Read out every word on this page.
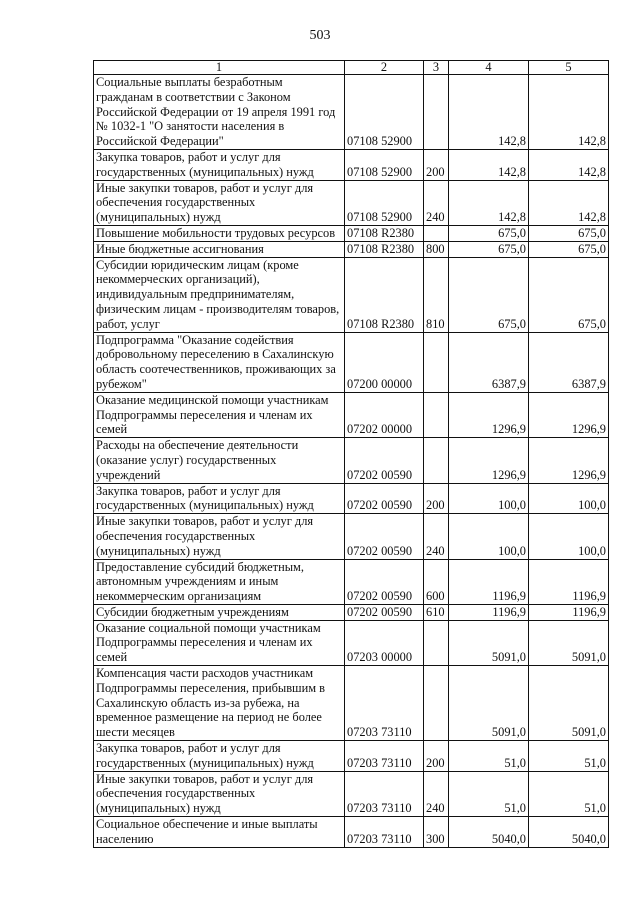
503
1	2	3	4	5
Социальные выплаты безработным гражданам в соответствии с Законом Российской Федерации от 19 апреля 1991 год № 1032-1 "О занятости населения в Российской Федерации"	07108 52900		142,8	142,8
Закупка товаров, работ и услуг для государственных (муниципальных) нужд	07108 52900	200	142,8	142,8
Иные закупки товаров, работ и услуг для обеспечения государственных (муниципальных) нужд	07108 52900	240	142,8	142,8
Повышение мобильности трудовых ресурсов	07108 R2380		675,0	675,0
Иные бюджетные ассигнования	07108 R2380	800	675,0	675,0
Субсидии юридическим лицам (кроме некоммерческих организаций), индивидуальным предпринимателям, физическим лицам - производителям товаров, работ, услуг	07108 R2380	810	675,0	675,0
Подпрограмма "Оказание содействия добровольному переселению в Сахалинскую область соотечественников, проживающих за рубежом"	07200 00000		6387,9	6387,9
Оказание медицинской помощи участникам Подпрограммы переселения и членам их семей	07202 00000		1296,9	1296,9
Расходы на обеспечение деятельности (оказание услуг) государственных учреждений	07202 00590		1296,9	1296,9
Закупка товаров, работ и услуг для государственных (муниципальных) нужд	07202 00590	200	100,0	100,0
Иные закупки товаров, работ и услуг для обеспечения государственных (муниципальных) нужд	07202 00590	240	100,0	100,0
Предоставление субсидий бюджетным, автономным учреждениям и иным некоммерческим организациям	07202 00590	600	1196,9	1196,9
Субсидии бюджетным учреждениям	07202 00590	610	1196,9	1196,9
Оказание социальной помощи участникам Подпрограммы переселения и членам их семей	07203 00000		5091,0	5091,0
Компенсация части расходов участникам Подпрограммы переселения, прибывшим в Сахалинскую область из-за рубежа, на временное размещение на период не более шести месяцев	07203 73110		5091,0	5091,0
Закупка товаров, работ и услуг для государственных (муниципальных) нужд	07203 73110	200	51,0	51,0
Иные закупки товаров, работ и услуг для обеспечения государственных (муниципальных) нужд	07203 73110	240	51,0	51,0
Социальное обеспечение и иные выплаты населению	07203 73110	300	5040,0	5040,0
